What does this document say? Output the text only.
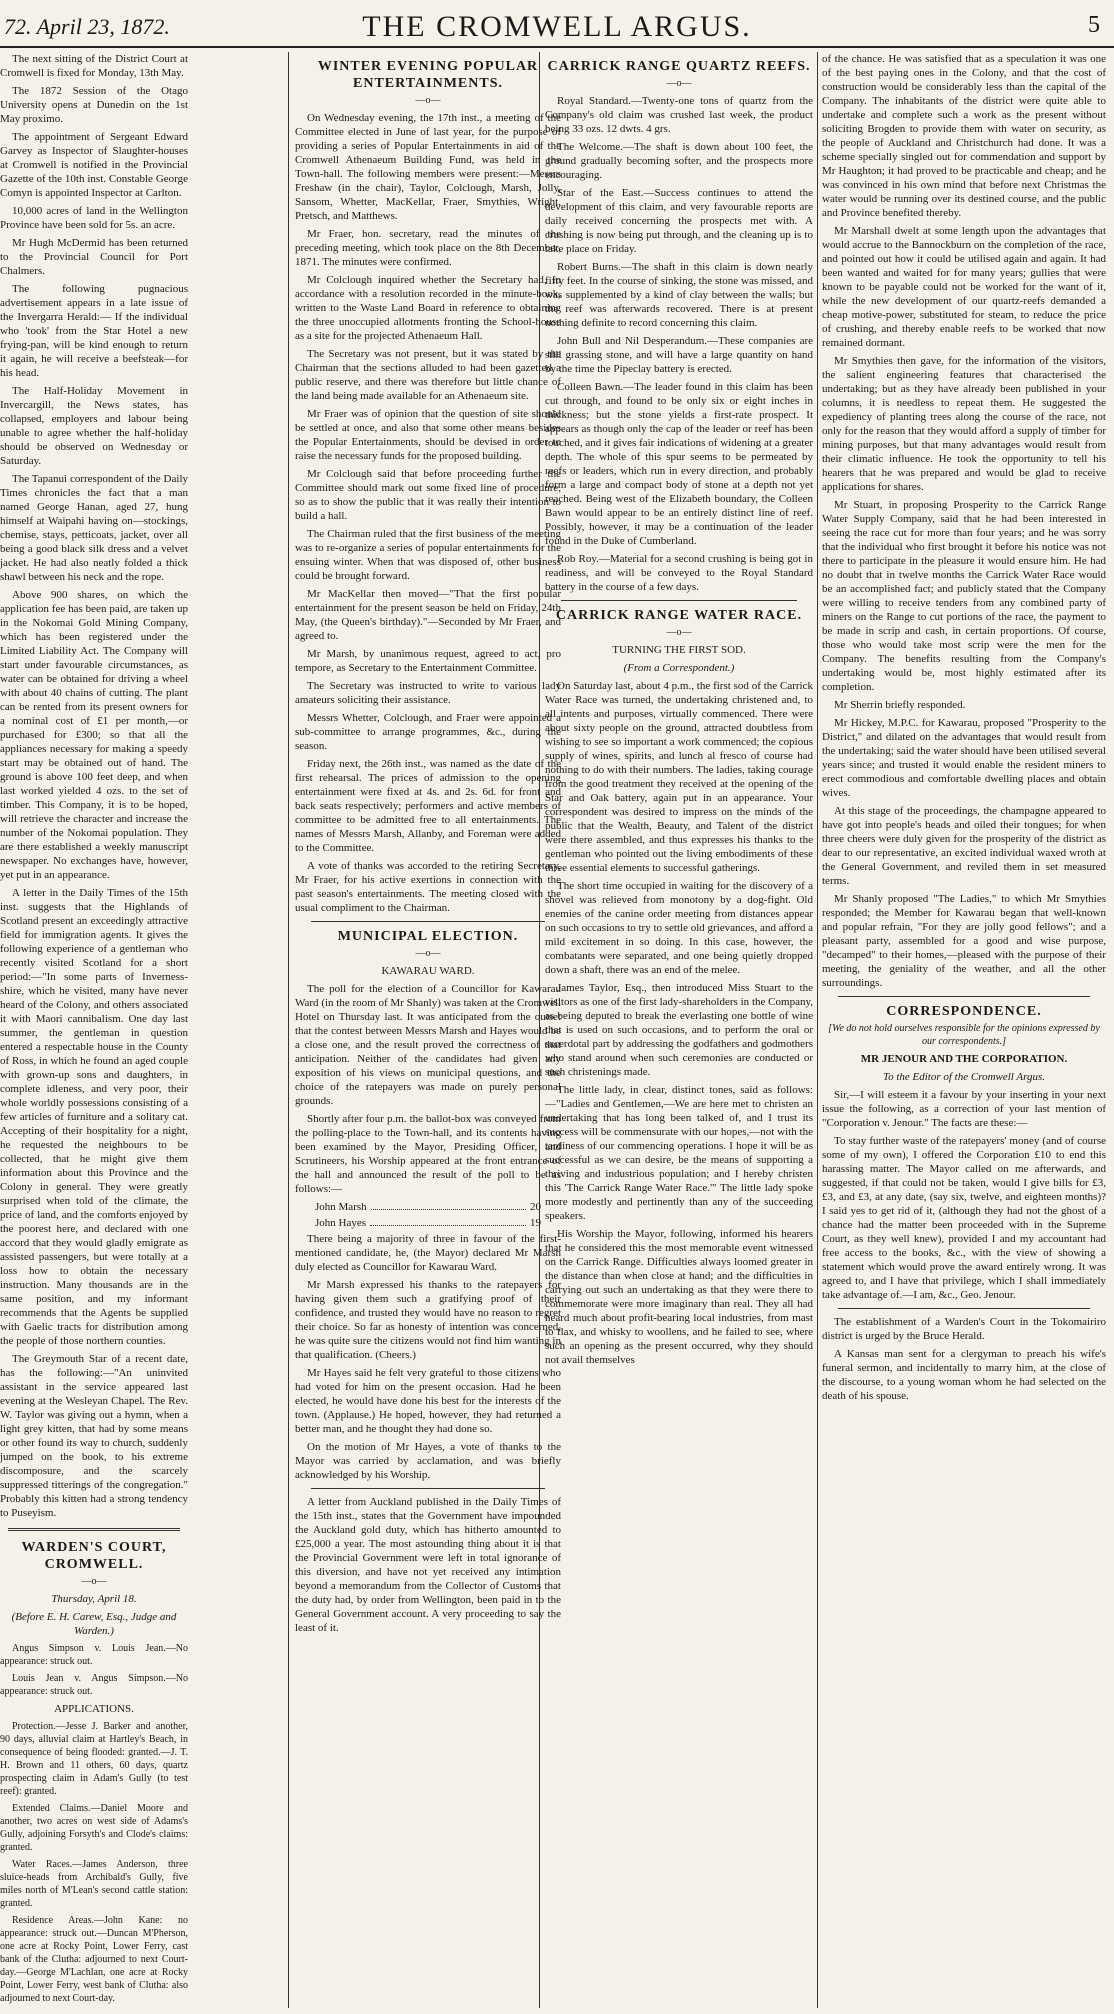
72. April 23, 1872.	THE CROMWELL ARGUS.	5

The next sitting of the District Court at Cromwell is fixed for Monday, 13th May.

The 1872 Session of the Otago University opens at Dunedin on the 1st May proximo.

The appointment of Sergeant Edward Garvey as Inspector of Slaughter-houses at Cromwell is notified in the Provincial Gazette of the 10th inst. Constable George Comyn is appointed Inspector at Carlton.

10,000 acres of land in the Wellington Province have been sold for 5s. an acre.

Mr Hugh McDermid has been returned to the Provincial Council for Port Chalmers.

The following pugnacious advertisement appears in a late issue of the Invergarra Herald:— If the individual who 'took' from the Star Hotel a new frying-pan, will be kind enough to return it again, he will receive a beefsteak—for his head.

The Half-Holiday Movement in Invercargill, the News states, has collapsed, employers and labour being unable to agree whether the half-holiday should be observed on Wednesday or Saturday.

The Tapanui correspondent of the Daily Times chronicles the fact that a man named George Hanan, aged 27, hung himself at Waipahi having on—stockings, chemise, stays, petticoats, jacket, over all being a good black silk dress and a velvet jacket. He had also neatly folded a thick shawl between his neck and the rope.

Above 900 shares, on which the application fee has been paid, are taken up in the Nokomai Gold Mining Company, which has been registered under the Limited Liability Act. The Company will start under favourable circumstances, as water can be obtained for driving a wheel with about 40 chains of cutting. The plant can be rented from its present owners for a nominal cost of £1 per month,—or purchased for £300; so that all the appliances necessary for making a speedy start may be obtained out of hand. The ground is above 100 feet deep, and when last worked yielded 4 ozs. to the set of timber. This Company, it is to be hoped, will retrieve the character and increase the number of the Nokomai population. They are there established a weekly manuscript newspaper. No exchanges have, however, yet put in an appearance.

A letter in the Daily Times of the 15th inst. suggests that the Highlands of Scotland present an exceedingly attractive field for immigration agents. It gives the following experience of a gentleman who recently visited Scotland for a short period:—"In some parts of Inverness-shire, which he visited, many have never heard of the Colony, and others associated it with Maori cannibalism. One day last summer, the gentleman in question entered a respectable house in the County of Ross, in which he found an aged couple with grown-up sons and daughters, in complete idleness, and very poor, their whole worldly possessions consisting of a few articles of furniture and a solitary cat. Accepting of their hospitality for a night, he requested the neighbours to be collected, that he might give them information about this Province and the Colony in general. They were greatly surprised when told of the climate, the price of land, and the comforts enjoyed by the poorest here, and declared with one accord that they would gladly emigrate as assisted passengers, but were totally at a loss how to obtain the necessary instruction. Many thousands are in the same position, and my informant recommends that the Agents be supplied with Gaelic tracts for distribution among the people of those northern counties.

The Greymouth Star of a recent date, has the following:—"An uninvited assistant in the service appeared last evening at the Wesleyan Chapel. The Rev. W. Taylor was giving out a hymn, when a light grey kitten, that had by some means or other found its way to church, suddenly jumped on the book, to his extreme discomposure, and the scarcely suppressed titterings of the congregation." Probably this kitten had a strong tendency to Puseyism.

WARDEN'S COURT, CROMWELL.
—o—
Thursday, April 18.
(Before E. H. Carew, Esq., Judge and Warden.)

Angus Simpson v. Louis Jean.—No appearance: struck out.

Louis Jean v. Angus Simpson.—No appearance: struck out.

APPLICATIONS.

Protection.—Jesse J. Barker and another, 90 days, alluvial claim at Hartley's Beach, in consequence of being flooded: granted.—J. T. H. Brown and 11 others, 60 days, quartz prospecting claim in Adam's Gully (to test reef): granted.

Extended Claims.—Daniel Moore and another, two acres on west side of Adams's Gully, adjoining Forsyth's and Clode's claims: granted.

Water Races.—James Anderson, three sluice-heads from Archibald's Gully, five miles north of M'Lean's second cattle station: granted.

Residence Areas.—John Kane: no appearance: struck out.—Duncan M'Pherson, one acre at Rocky Point, Lower Ferry, cast bank of the Clutha: adjourned to next Court-day.—George M'Lachlan, one acre at Rocky Point, Lower Ferry, west bank of Clutha: also adjourned to next Court-day.

WINTER EVENING POPULAR ENTERTAINMENTS.
—o—

On Wednesday evening, the 17th inst., a meeting of the Committee elected in June of last year, for the purpose of providing a series of Popular Entertainments in aid of the Cromwell Athenaeum Building Fund, was held in the Town-hall. The following members were present:—Messrs Freshaw (in the chair), Taylor, Colclough, Marsh, Jolly, Sansom, Whetter, MacKellar, Fraer, Smythies, Wright, Pretsch, and Matthews.

Mr Fraer, hon. secretary, read the minutes of the preceding meeting, which took place on the 8th December, 1871. The minutes were confirmed.

Mr Colclough inquired whether the Secretary had, in accordance with a resolution recorded in the minute-book, written to the Waste Land Board in reference to obtaining the three unoccupied allotments fronting the School-house as a site for the projected Athenaeum Hall.

The Secretary was not present, but it was stated by the Chairman that the sections alluded to had been gazetted a public reserve, and there was therefore but little chance of the land being made available for an Athenaeum site.

Mr Fraer was of opinion that the question of site should be settled at once, and also that some other means besides the Popular Entertainments, should be devised in order to raise the necessary funds for the proposed building.

Mr Colclough said that before proceeding further the Committee should mark out some fixed line of procedure, so as to show the public that it was really their intention to build a hall.

The Chairman ruled that the first business of the meeting was to re-organize a series of popular entertainments for the ensuing winter. When that was disposed of, other business could be brought forward.

Mr MacKellar then moved—"That the first popular entertainment for the present season be held on Friday, 24th May, (the Queen's birthday)."—Seconded by Mr Fraer, and agreed to.

Mr Marsh, by unanimous request, agreed to act, pro tempore, as Secretary to the Entertainment Committee.

The Secretary was instructed to write to various lady amateurs soliciting their assistance.

Messrs Whetter, Colclough, and Fraer were appointed a sub-committee to arrange programmes, &c., during the season.

Friday next, the 26th inst., was named as the date of the first rehearsal. The prices of admission to the opening entertainment were fixed at 4s. and 2s. 6d. for front and back seats respectively; performers and active members of committee to be admitted free to all entertainments. The names of Messrs Marsh, Allanby, and Foreman were added to the Committee.

A vote of thanks was accorded to the retiring Secretary, Mr Fraer, for his active exertions in connection with the past season's entertainments. The meeting closed with the usual compliment to the Chairman.

MUNICIPAL ELECTION.
—o—
KAWARAU WARD.

The poll for the election of a Councillor for Kawarau Ward (in the room of Mr Shanly) was taken at the Cromwell Hotel on Thursday last. It was anticipated from the outset that the contest between Messrs Marsh and Hayes would be a close one, and the result proved the correctness of that anticipation. Neither of the candidates had given any exposition of his views on municipal questions, and the choice of the ratepayers was made on purely personal grounds.

Shortly after four p.m. the ballot-box was conveyed from the polling-place to the Town-hall, and its contents having been examined by the Mayor, Presiding Officer, and Scrutineers, his Worship appeared at the front entrance of the hall and announced the result of the poll to be as follows:—

John Marsh	20
John Hayes	19

There being a majority of three in favour of the first-mentioned candidate, he, (the Mayor) declared Mr Marsh duly elected as Councillor for Kawarau Ward.

Mr Marsh expressed his thanks to the ratepayers for having given them such a gratifying proof of their confidence, and trusted they would have no reason to regret their choice. So far as honesty of intention was concerned, he was quite sure the citizens would not find him wanting in that qualification. (Cheers.)

Mr Hayes said he felt very grateful to those citizens who had voted for him on the present occasion. Had he been elected, he would have done his best for the interests of the town. (Applause.) He hoped, however, they had returned a better man, and he thought they had done so.

On the motion of Mr Hayes, a vote of thanks to the Mayor was carried by acclamation, and was briefly acknowledged by his Worship.

A letter from Auckland published in the Daily Times of the 15th inst., states that the Government have impounded the Auckland gold duty, which has hitherto amounted to £25,000 a year. The most astounding thing about it is that the Provincial Government were left in total ignorance of this diversion, and have not yet received any intimation beyond a memorandum from the Collector of Customs that the duty had, by order from Wellington, been paid in to the General Government account. A very proceeding to say the least of it.

CARRICK RANGE QUARTZ REEFS.
—o—

Royal Standard.—Twenty-one tons of quartz from the Company's old claim was crushed last week, the product being 33 ozs. 12 dwts. 4 grs.

The Welcome.—The shaft is down about 100 feet, the ground gradually becoming softer, and the prospects more encouraging.

Star of the East.—Success continues to attend the development of this claim, and very favourable reports are daily received concerning the prospects met with. A crushing is now being put through, and the cleaning up is to take place on Friday.

Robert Burns.—The shaft in this claim is down nearly fifty feet. In the course of sinking, the stone was missed, and was supplemented by a kind of clay between the walls; but the reef was afterwards recovered. There is at present nothing definite to record concerning this claim.

John Bull and Nil Desperandum.—These companies are still grassing stone, and will have a large quantity on hand by the time the Pipeclay battery is erected.

Colleen Bawn.—The leader found in this claim has been cut through, and found to be only six or eight inches in thickness; but the stone yields a first-rate prospect. It appears as though only the cap of the leader or reef has been touched, and it gives fair indications of widening at a greater depth. The whole of this spur seems to be permeated by reefs or leaders, which run in every direction, and probably form a large and compact body of stone at a depth not yet reached. Being west of the Elizabeth boundary, the Colleen Bawn would appear to be an entirely distinct line of reef. Possibly, however, it may be a continuation of the leader found in the Duke of Cumberland.

Rob Roy.—Material for a second crushing is being got in readiness, and will be conveyed to the Royal Standard battery in the course of a few days.

CARRICK RANGE WATER RACE.
—o—
TURNING THE FIRST SOD.
(From a Correspondent.)

On Saturday last, about 4 p.m., the first sod of the Carrick Water Race was turned, the undertaking christened and, to all intents and purposes, virtually commenced. There were about sixty people on the ground, attracted doubtless from wishing to see so important a work commenced; the copious supply of wines, spirits, and lunch al fresco of course had nothing to do with their numbers. The ladies, taking courage from the good treatment they received at the opening of the Star and Oak battery, again put in an appearance. Your correspondent was desired to impress on the minds of the public that the Wealth, Beauty, and Talent of the district were there assembled, and thus expresses his thanks to the gentleman who pointed out the living embodiments of these three essential elements to successful gatherings.

The short time occupied in waiting for the discovery of a shovel was relieved from monotony by a dog-fight. Old enemies of the canine order meeting from distances appear on such occasions to try to settle old grievances, and afford a mild excitement in so doing. In this case, however, the combatants were separated, and one being quietly dropped down a shaft, there was an end of the melee.

James Taylor, Esq., then introduced Miss Stuart to the visitors as one of the first lady-shareholders in the Company, as being deputed to break the everlasting one bottle of wine that is used on such occasions, and to perform the oral or sacerdotal part by addressing the godfathers and godmothers who stand around when such ceremonies are conducted or such christenings made.

The little lady, in clear, distinct tones, said as follows:—"Ladies and Gentlemen,—We are here met to christen an undertaking that has long been talked of, and I trust its success will be commensurate with our hopes,—not with the tardiness of our commencing operations. I hope it will be as successful as we can desire, be the means of supporting a thriving and industrious population; and I hereby christen this 'The Carrick Range Water Race.'" The little lady spoke more modestly and pertinently than any of the succeeding speakers.

His Worship the Mayor, following, informed his hearers that he considered this the most memorable event witnessed on the Carrick Range. Difficulties always loomed greater in the distance than when close at hand; and the difficulties in carrying out such an undertaking as that they were there to commemorate were more imaginary than real. They all had heard much about profit-bearing local industries, from mast to flax, and whisky to woollens, and he failed to see, where such an opening as the present occurred, why they should not avail themselves

of the chance. He was satisfied that as a speculation it was one of the best paying ones in the Colony, and that the cost of construction would be considerably less than the capital of the Company. The inhabitants of the district were quite able to undertake and complete such a work as the present without soliciting Brogden to provide them with water on security, as the people of Auckland and Christchurch had done. It was a scheme specially singled out for commendation and support by Mr Haughton; it had proved to be practicable and cheap; and he was convinced in his own mind that before next Christmas the water would be running over its destined course, and the public and Province benefited thereby.

Mr Marshall dwelt at some length upon the advantages that would accrue to the Bannockburn on the completion of the race, and pointed out how it could be utilised again and again. It had been wanted and waited for for many years; gullies that were known to be payable could not be worked for the want of it, while the new development of our quartz-reefs demanded a cheap motive-power, substituted for steam, to reduce the price of crushing, and thereby enable reefs to be worked that now remained dormant.

Mr Smythies then gave, for the information of the visitors, the salient engineering features that characterised the undertaking; but as they have already been published in your columns, it is needless to repeat them. He suggested the expediency of planting trees along the course of the race, not only for the reason that they would afford a supply of timber for mining purposes, but that many advantages would result from their climatic influence. He took the opportunity to tell his hearers that he was prepared and would be glad to receive applications for shares.

Mr Stuart, in proposing Prosperity to the Carrick Range Water Supply Company, said that he had been interested in seeing the race cut for more than four years; and he was sorry that the individual who first brought it before his notice was not there to participate in the pleasure it would ensure him. He had no doubt that in twelve months the Carrick Water Race would be an accomplished fact; and publicly stated that the Company were willing to receive tenders from any combined party of miners on the Range to cut portions of the race, the payment to be made in scrip and cash, in certain proportions. Of course, those who would take most scrip were the men for the Company. The benefits resulting from the Company's undertaking would be, most highly estimated after its completion.

Mr Sherrin briefly responded.

Mr Hickey, M.P.C. for Kawarau, proposed "Prosperity to the District," and dilated on the advantages that would result from the undertaking; said the water should have been utilised several years since; and trusted it would enable the resident miners to erect commodious and comfortable dwelling places and obtain wives.

At this stage of the proceedings, the champagne appeared to have got into people's heads and oiled their tongues; for when three cheers were duly given for the prosperity of the district as dear to our representative, an excited individual waxed wroth at the General Government, and reviled them in set measured terms.

Mr Shanly proposed "The Ladies," to which Mr Smythies responded; the Member for Kawarau began that well-known and popular refrain, "For they are jolly good fellows"; and a pleasant party, assembled for a good and wise purpose, "decamped" to their homes,—pleased with the purpose of their meeting, the geniality of the weather, and all the other surroundings.

CORRESPONDENCE.
[We do not hold ourselves responsible for the opinions expressed by our correspondents.]
MR JENOUR AND THE CORPORATION.
To the Editor of the Cromwell Argus.

Sir,—I will esteem it a favour by your inserting in your next issue the following, as a correction of your last mention of "Corporation v. Jenour." The facts are these:—

To stay further waste of the ratepayers' money (and of course some of my own), I offered the Corporation £10 to end this harassing matter. The Mayor called on me afterwards, and suggested, if that could not be taken, would I give bills for £3, £3, and £3, at any date, (say six, twelve, and eighteen months)? I said yes to get rid of it, (although they had not the ghost of a chance had the matter been proceeded with in the Supreme Court, as they well knew), provided I and my accountant had free access to the books, &c., with the view of showing a statement which would prove the award entirely wrong. It was agreed to, and I have that privilege, which I shall immediately take advantage of.—I am, &c., Geo. Jenour.

The establishment of a Warden's Court in the Tokomairiro district is urged by the Bruce Herald.

A Kansas man sent for a clergyman to preach his wife's funeral sermon, and incidentally to marry him, at the close of the discourse, to a young woman whom he had selected on the death of his spouse.
